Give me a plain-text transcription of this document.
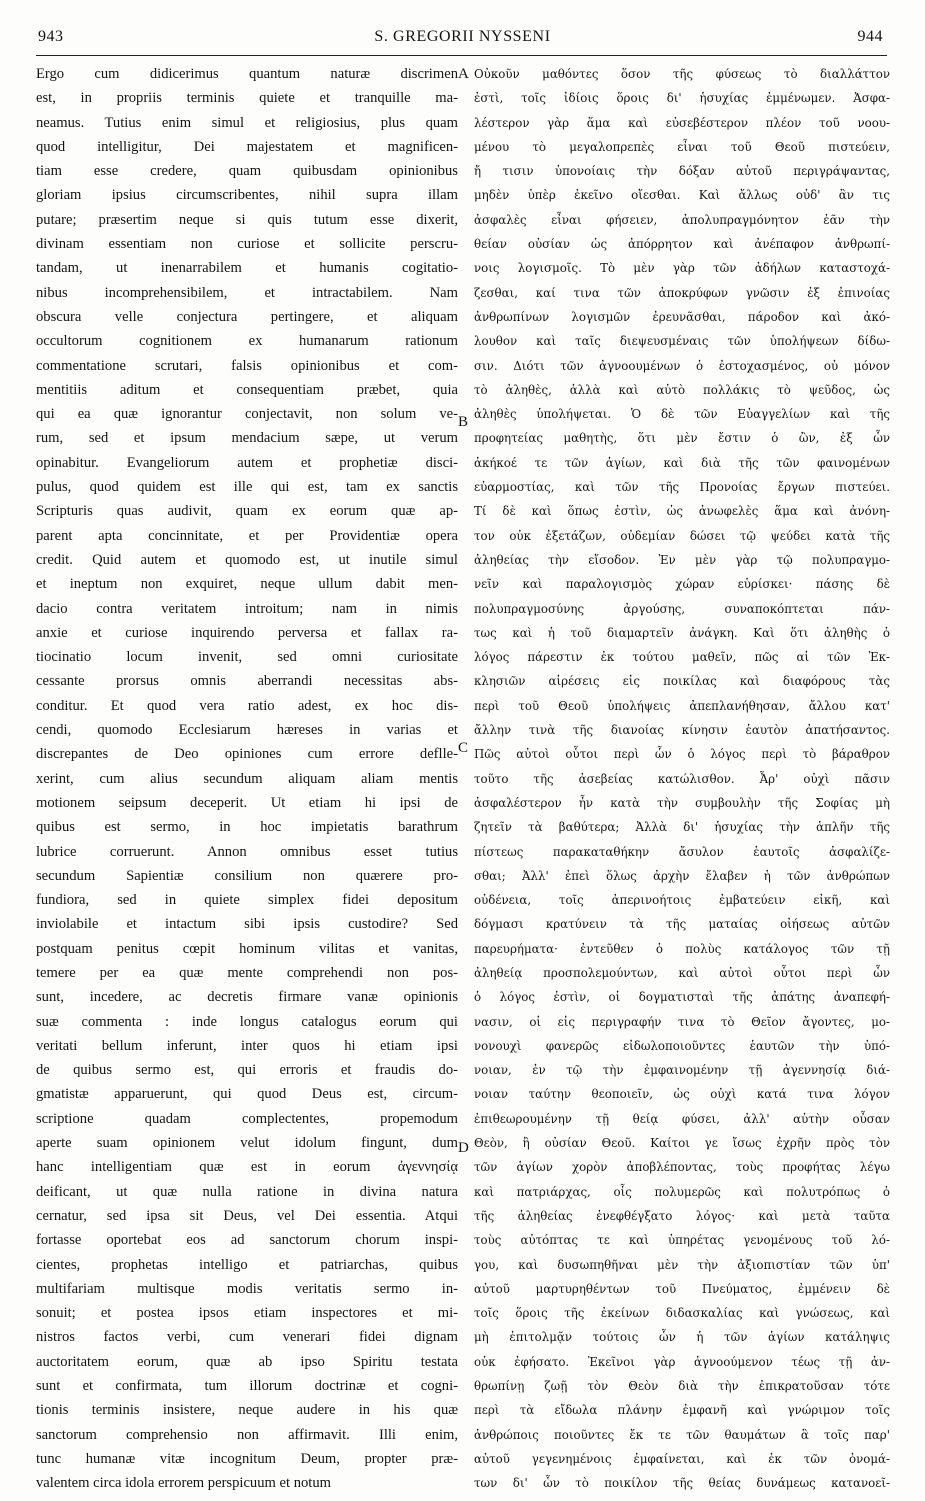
943	S. GREGORII NYSSENI	944
Ergo cum didicerimus quantum naturæ discrimen
est, in propriis terminis quiete et tranquille ma-
neamus. Tutius enim simul et religiosius, plus quam
quod intelligitur, Dei majestatem et magnificen-
tiam esse credere, quam quibusdam opinionibus
gloriam ipsius circumscribentes, nihil supra illam
putare; præsertim neque si quis tutum esse dixerit,
divinam essentiam non curiose et sollicite perscru-
tandam, ut inenarrabilem et humanis cogitatio-
nibus incomprehensibilem, et intractabilem. Nam
obscura velle conjectura pertingere, et aliquam
occultorum cognitionem ex humanarum rationum
commentatione scrutari, falsis opinionibus et com-
mentitiis aditum et consequentiam præbet, quia
qui ea quæ ignorantur conjectavit, non solum ve-
rum, sed et ipsum mendacium sæpe, ut verum
opinabitur. Evangeliorum autem et prophetiæ disci-
pulus, quod quidem est ille qui est, tam ex sanctis
Scripturis quas audivit, quam ex eorum quæ ap-
parent apta concinnitate, et per Providentiæ opera
credit. Quid autem et quomodo est, ut inutile simul
et ineptum non exquiret, neque ullum dabit men-
dacio contra veritatem introitum; nam in nimis
anxie et curiose inquirendo perversa et fallax ra-
tiocinatio locum invenit, sed omni curiositate
cessante prorsus omnis aberrandi necessitas abs-
conditur. Et quod vera ratio adest, ex hoc dis-
cendi, quomodo Ecclesiarum hæreses in varias et
discrepantes de Deo opiniones cum errore deflle-
xerint, cum alius secundum aliquam aliam mentis
motionem seipsum deceperit. Ut etiam hi ipsi de
quibus est sermo, in hoc impietatis barathrum
lubrice corruerunt. Annon omnibus esset tutius
secundum Sapientiæ consilium non quærere pro-
fundiora, sed in quiete simplex fidei depositum
inviolabile et intactum sibi ipsis custodire? Sed
postquam penitus cœpit hominum vilitas et vanitas,
temere per ea quæ mente comprehendi non pos-
sunt, incedere, ac decretis firmare vanæ opinionis
suæ commenta : inde longus catalogus eorum qui
veritati bellum inferunt, inter quos hi etiam ipsi
de quibus sermo est, qui erroris et fraudis do-
gmatistæ apparuerunt, qui quod Deus est, circum-
scriptione quadam complectentes, propemodum
aperte suam opinionem velut idolum fingunt, dum
hanc intelligentiam quæ est in eorum ἀγεννησίᾳ
deificant, ut quæ nulla ratione in divina natura
cernatur, sed ipsa sit Deus, vel Dei essentia. Atqui
fortasse oportebat eos ad sanctorum chorum inspi-
cientes, prophetas intelligo et patriarchas, quibus
multifariam multisque modis veritatis sermo in-
sonuit; et postea ipsos etiam inspectores et mi-
nistros factos verbi, cum venerari fidei dignam
auctoritatem eorum, quæ ab ipso Spiritu testata
sunt et confirmata, tum illorum doctrinæ et cogni-
tionis terminis insistere, neque audere in his quæ
sanctorum comprehensio non affirmavit. Illi enim,
tunc humanæ vitæ incognitum Deum, propter præ-
valentem circa idola errorem perspicuum et notum
Οὐκοῦν μαθόντες ὅσον τῆς φύσεως τὸ διαλλάττον
ἐστὶ, τοῖς ἰδίοις ὅροις δι' ἡσυχίας ἐμμένωμεν. Ἀσφα-
λέστερον γὰρ ἅμα καὶ εὐσεβέστερον πλέον τοῦ νοου-
μένου τὸ μεγαλοπρεπὲς εἶναι τοῦ Θεοῦ πιστεύειν,
ἤ τισιν ὑπονοίαις τὴν δόξαν αὐτοῦ περιγράψαντας,
μηδὲν ὑπὲρ ἐκεῖνο οἴεσθαι. Καὶ ἄλλως οὐδ' ἂν τις
ἀσφαλὲς εἶναι φήσειεν, ἀπολυπραγμόνητον ἐᾶν τὴν
θείαν οὐσίαν ὡς ἀπόρρητον καὶ ἀνέπαφον ἀνθρωπί-
νοις λογισμοῖς. Τὸ μὲν γὰρ τῶν ἀδήλων καταστοχά-
ζεσθαι, καί τινα τῶν ἀποκρύφων γνῶσιν ἐξ ἐπινοίας
ἀνθρωπίνων λογισμῶν ἐρευνᾶσθαι, πάροδον καὶ ἀκό-
λουθον καὶ ταῖς διεψευσμέναις τῶν ὑπολήψεων δίδω-
σιν. Διότι τῶν ἀγνοουμένων ὁ ἐστοχασμένος, οὐ μόνον
τὸ ἀληθὲς, ἀλλὰ καὶ αὐτὸ πολλάκις τὸ ψεῦδος, ὡς
ἀληθὲς ὑπολήψεται. Ὁ δὲ τῶν Εὐαγγελίων καὶ τῆς
προφητείας μαθητὴς, ὅτι μὲν ἔστιν ὁ ὢν, ἐξ ὧν
ἀκήκοέ τε τῶν ἁγίων, καὶ διὰ τῆς τῶν φαινομένων
εὐαρμοστίας, καὶ τῶν τῆς Προνοίας ἔργων πιστεύει.
Τί δὲ καὶ ὅπως ἐστὶν, ὡς ἀνωφελὲς ἅμα καὶ ἀνόνη-
τον οὐκ ἐξετάζων, οὐδεμίαν δώσει τῷ ψεύδει κατὰ τῆς
ἀληθείας τὴν εἴσοδον. Ἐν μὲν γὰρ τῷ πολυπραγμο-
νεῖν καὶ παραλογισμὸς χώραν εὑρίσκει· πάσης δὲ
πολυπραγμοσύνης ἀργούσης, συναποκόπτεται πάν-
τως καὶ ἡ τοῦ διαμαρτεῖν ἀνάγκη. Καὶ ὅτι ἀληθὴς ὁ
λόγος πάρεστιν ἐκ τούτου μαθεῖν, πῶς αἱ τῶν Ἐκ-
κλησιῶν αἱρέσεις εἰς ποικίλας καὶ διαφόρους τὰς
περὶ τοῦ Θεοῦ ὑπολήψεις ἀπεπλανήθησαν, ἄλλου κατ'
ἄλλην τινὰ τῆς διανοίας κίνησιν ἑαυτὸν ἀπατήσαντος.
Πῶς αὐτοὶ οὗτοι περὶ ὧν ὁ λόγος περὶ τὸ βάραθρον
τοῦτο τῆς ἀσεβείας κατώλισθον. Ἆρ' οὐχὶ πᾶσιν
ἀσφαλέστερον ἦν κατὰ τὴν συμβουλὴν τῆς Σοφίας μὴ
ζητεῖν τὰ βαθύτερα; Ἀλλὰ δι' ἡσυχίας τὴν ἁπλῆν τῆς
πίστεως παρακαταθήκην ἄσυλον ἑαυτοῖς ἀσφαλίζε-
σθαι; Ἀλλ' ἐπεὶ ὅλως ἀρχὴν ἔλαβεν ἡ τῶν ἀνθρώπων
οὐδένεια, τοῖς ἀπερινοήτοις ἐμβατεύειν εἰκῆ, καὶ
δόγμασι κρατύνειν τὰ τῆς ματαίας οἰήσεως αὐτῶν
παρευρήματα· ἐντεῦθεν ὁ πολὺς κατάλογος τῶν τῇ
ἀληθείᾳ προσπολεμούντων, καὶ αὐτοὶ οὗτοι περὶ ὧν
ὁ λόγος ἐστὶν, οἱ δογματισταὶ τῆς ἀπάτης ἀναπεφή-
νασιν, οἱ εἰς περιγραφήν τινα τὸ Θεῖον ἄγοντες, μο-
νονουχὶ φανερῶς εἰδωλοποιοῦντες ἑαυτῶν τὴν ὑπό-
νοιαν, ἐν τῷ τὴν ἐμφαινομένην τῇ ἀγεννησίᾳ διά-
νοιαν ταύτην θεοποιεῖν, ὡς οὐχὶ κατά τινα λόγον
ἐπιθεωρουμένην τῇ θείᾳ φύσει, ἀλλ' αὐτὴν οὖσαν
Θεὸν, ἢ οὐσίαν Θεοῦ. Καίτοι γε ἴσως ἐχρῆν πρὸς τὸν
τῶν ἁγίων χορὸν ἀποβλέποντας, τοὺς προφήτας λέγω
καὶ πατριάρχας, οἷς πολυμερῶς καὶ πολυτρόπως ὁ
τῆς ἀληθείας ἐνεφθέγξατο λόγος· καὶ μετὰ ταῦτα
τοὺς αὐτόπτας τε καὶ ὑπηρέτας γενομένους τοῦ λό-
γου, καὶ δυσωπηθῆναι μὲν τὴν ἀξιοπιστίαν τῶν ὑπ'
αὐτοῦ μαρτυρηθέντων τοῦ Πνεύματος, ἐμμένειν δὲ
τοῖς ὅροις τῆς ἐκείνων διδασκαλίας καὶ γνώσεως, καὶ
μὴ ἐπιτολμᾷν τούτοις ὧν ἡ τῶν ἁγίων κατάληψις
οὐκ ἐφήσατο. Ἐκεῖνοι γὰρ ἀγνοούμενον τέως τῇ ἀν-
θρωπίνῃ ζωῇ τὸν Θεὸν διὰ τὴν ἐπικρατοῦσαν τότε
περὶ τὰ εἴδωλα πλάνην ἐμφανῆ καὶ γνώριμον τοῖς
ἀνθρώποις ποιοῦντες ἔκ τε τῶν θαυμάτων ἃ τοῖς παρ'
αὐτοῦ γεγενημένοις ἐμφαίνεται, καὶ ἐκ τῶν ὀνομά-
των δι' ὧν τὸ ποικίλον τῆς θείας δυνάμεως κατανοεῖ-
A
B
C
D
